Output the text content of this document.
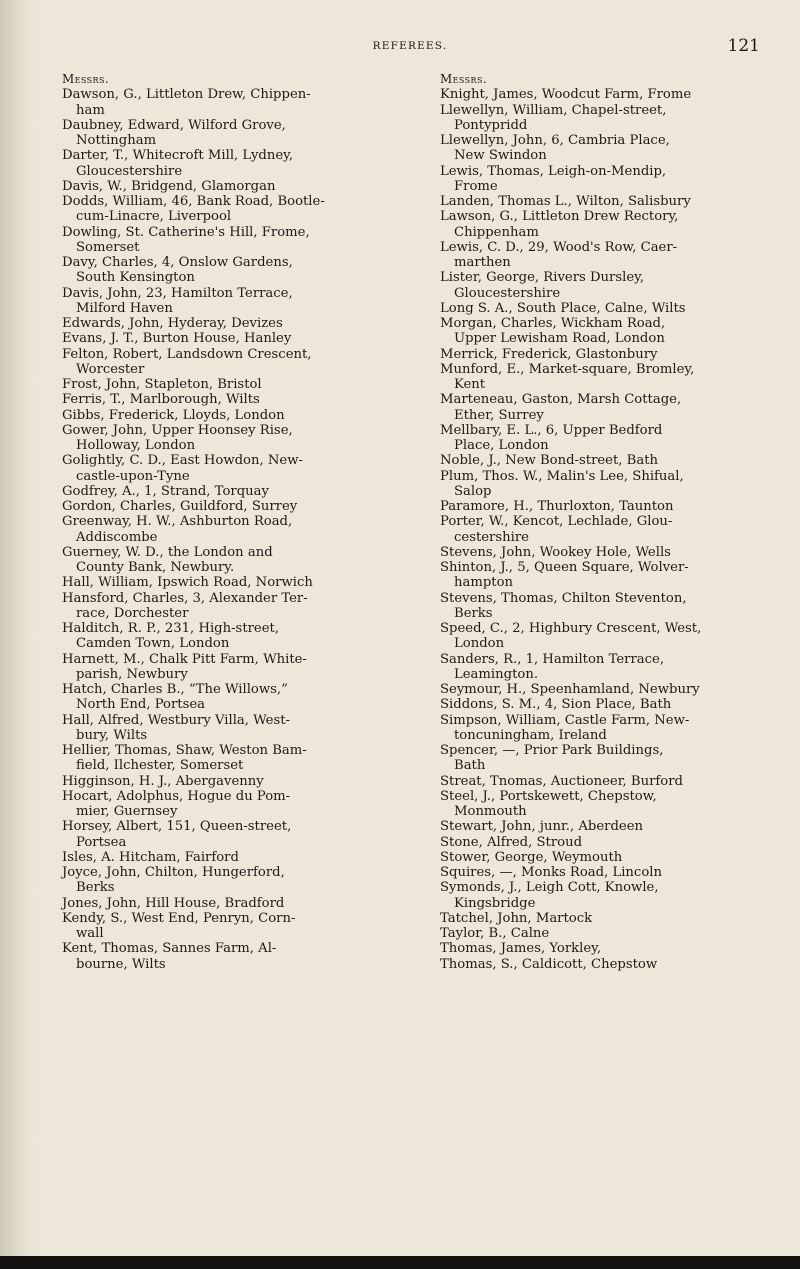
REFEREES.	121
Messrs.
Dawson, G., Littleton Drew, Chippen-
ham
Daubney, Edward, Wilford Grove,
Nottingham
Darter, T., Whitecroft Mill, Lydney,
Gloucestershire
Davis, W., Bridgend, Glamorgan
Dodds, William, 46, Bank Road, Bootle-
cum-Linacre, Liverpool
Dowling, St. Catherine's Hill, Frome,
Somerset
Davy, Charles, 4, Onslow Gardens,
South Kensington
Davis, John, 23, Hamilton Terrace,
Milford Haven
Edwards, John, Hyderay, Devizes
Evans, J. T., Burton House, Hanley
Felton, Robert, Landsdown Crescent,
Worcester
Frost, John, Stapleton, Bristol
Ferris, T., Marlborough, Wilts
Gibbs, Frederick, Lloyds, London
Gower, John, Upper Hoonsey Rise,
Holloway, London
Golightly, C. D., East Howdon, New-
castle-upon-Tyne
Godfrey, A., 1, Strand, Torquay
Gordon, Charles, Guildford, Surrey
Greenway, H. W., Ashburton Road,
Addiscombe
Guerney, W. D., the London and
County Bank, Newbury.
Hall, William, Ipswich Road, Norwich
Hansford, Charles, 3, Alexander Ter-
race, Dorchester
Halditch, R. P., 231, High-street,
Camden Town, London
Harnett, M., Chalk Pitt Farm, White-
parish, Newbury
Hatch, Charles B., “The Willows,”
North End, Portsea
Hall, Alfred, Westbury Villa, West-
bury, Wilts
Hellier, Thomas, Shaw, Weston Bam-
field, Ilchester, Somerset
Higginson, H. J., Abergavenny
Hocart, Adolphus, Hogue du Pom-
mier, Guernsey
Horsey, Albert, 151, Queen-street,
Portsea
Isles, A. Hitcham, Fairford
Joyce, John, Chilton, Hungerford,
Berks
Jones, John, Hill House, Bradford
Kendy, S., West End, Penryn, Corn-
wall
Kent, Thomas, Sannes Farm, Al-
bourne, Wilts
Messrs.
Knight, James, Woodcut Farm, Frome
Llewellyn, William, Chapel-street,
Pontypridd
Llewellyn, John, 6, Cambria Place,
New Swindon
Lewis, Thomas, Leigh-on-Mendip,
Frome
Landen, Thomas L., Wilton, Salisbury
Lawson, G., Littleton Drew Rectory,
Chippenham
Lewis, C. D., 29, Wood's Row, Caer-
marthen
Lister, George, Rivers Dursley,
Gloucestershire
Long S. A., South Place, Calne, Wilts
Morgan, Charles, Wickham Road,
Upper Lewisham Road, London
Merrick, Frederick, Glastonbury
Munford, E., Market-square, Bromley,
Kent
Marteneau, Gaston, Marsh Cottage,
Ether, Surrey
Mellbary, E. L., 6, Upper Bedford
Place, London
Noble, J., New Bond-street, Bath
Plum, Thos. W., Malin's Lee, Shifual,
Salop
Paramore, H., Thurloxton, Taunton
Porter, W., Kencot, Lechlade, Glou-
cestershire
Stevens, John, Wookey Hole, Wells
Shinton, J., 5, Queen Square, Wolver-
hampton
Stevens, Thomas, Chilton Steventon,
Berks
Speed, C., 2, Highbury Crescent, West,
London
Sanders, R., 1, Hamilton Terrace,
Leamington.
Seymour, H., Speenhamland, Newbury
Siddons, S. M., 4, Sion Place, Bath
Simpson, William, Castle Farm, New-
toncuningham, Ireland
Spencer, —, Prior Park Buildings,
Bath
Streat, Tnomas, Auctioneer, Burford
Steel, J., Portskewett, Chepstow,
Monmouth
Stewart, John, junr., Aberdeen
Stone, Alfred, Stroud
Stower, George, Weymouth
Squires, —, Monks Road, Lincoln
Symonds, J., Leigh Cott, Knowle,
Kingsbridge
Tatchel, John, Martock
Taylor, B., Calne
Thomas, James, Yorkley,
Thomas, S., Caldicott, Chepstow
